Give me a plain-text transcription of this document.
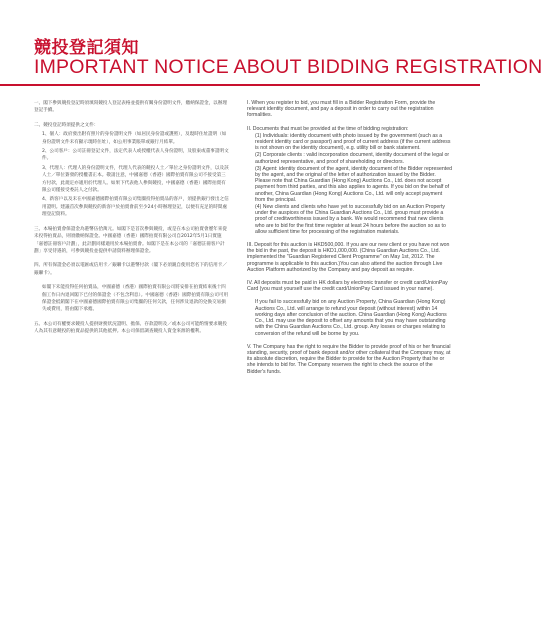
競投登記須知
IMPORTANT NOTICE ABOUT BIDDING REGISTRATION

一、閣下參與競投登記時須填寫競投人登記表格並提供有關身份證明文件，繳納保證金，以辦理登記手續。

二、競投登記時須提供之文件：

1、個人：政府發出附有照片的身份證明文件（如居民身份證或護照），及現時住址證明（如身份證明文件未有顯示現時住址），如公用事業賬單或銀行月結單。

2、公司客戶：公司註冊登記文件，法定代表人或授權代表人身份證明，及股東或董事證明文件。

3、代理人：代理人的身份證明文件，代理人代表的競投人士／單位之身份證明文件，以及該人士／單位簽發的授權書正本。敬請注意，中國嘉德（香港）國際拍賣有限公司不接受第三方付款，此規定亦適用於代理人。如果下代表他人參與競投，中國嘉德（香港）國際拍賣有限公司僅接受委託人之付款。

4、新客戶以及未在中國嘉德國際拍賣有限公司集團投得拍賣品的客戶，須提供銀行發出之信用證明。建議首次參與競投的新客戶於拍賣會前至少24小時辦理登記，以便有充足的時間處理登記資料。

三、本場拍賣會保證金為港幣伍拾萬元。如閣下是首次參與競投，或是在本公司拍賣會歷年來從未投得拍賣品，則須繳納保證金。中國嘉德（香港）國際拍賣有限公司自2012年5月1日實施「嘉德註冊客戶計劃」，此計劃同樣適用於本場拍賣會。如閣下是在本公司的「嘉德註冊客戶計劃」享受待遇的，可參與競投並提供申請資料辦理保證金。

四、所有保證金必須以電匯或信用卡／銀聯卡以港幣付款（閣下必須親自使用您名下的信用卡／銀聯卡）。

如閣下未能投得任何拍賣品，中國嘉德（香港）國際拍賣有限公司將安排在拍賣結束後十四個工作日內退回閣下已付的保證金（不包含利息）。中國嘉德（香港）國際拍賣有限公司可用保證金抵銷閣下在中國嘉德國際拍賣有限公司集團的任何欠款，任何涉及退款的兌換交易損失或費用，將由閣下承擔。

五、本公司有權要求競投人提供財務狀況證明、擔保、存款證明及／或本公司可能酌情要求競投人為其有意競投的拍賣品提供的其他抵押。本公司保留調查競投人資金來源的權利。

I. When you register to bid, you must fill in a Bidder Registration Form, provide the relevant identity document, and pay a deposit in order to carry out the registration formalities.

II. Documents that must be provided at the time of bidding registration:

(1) Individuals: identity document with photo issued by the government (such as a resident identity card or passport) and proof of current address (if the current address is not shown on the identity document), e.g. utility bill or bank statement.

(2) Corporate clients : valid incorporation document, identity document of the legal or authorized representative, and proof of shareholding or directors.

(3) Agent: identity document of the agent, identity document of the Bidder represented by the agent, and the original of the letter of authorization issued by the Bidder. Please note that China Guardian (Hong Kong) Auctions Co., Ltd. does not accept payment from third parties, and this also applies to agents. If you bid on the behalf of another, China Guardian (Hong Kong) Auctions Co., Ltd. will only accept payment from the principal.

(4) New clients and clients who have yet to successfully bid on an Auction Property under the auspices of the China Guardian Auctions Co., Ltd. group must provide a proof of creditworthiness issued by a bank. We would recommend that new clients who are to bid for the first time register at least 24 hours before the auction so as to allow sufficient time for processing of the registration materials.

III. Deposit for this auction is HKD500,000. If you are our new client or you have not won the bid in the past, the deposit is HKD1,000,000. (China Guardian Auctions Co., Ltd. implemented the "Guardian Registered Client Programme" on May 1st, 2012. The programme is applicable to this auction.)You can also attend the auction through Live Auction Platform authorized by the Company and pay deposit as require.

IV. All deposits must be paid in HK dollars by electronic transfer or credit card/UnionPay Card (you must yourself use the credit card/UnionPay Card issued in your name).

If you fail to successfully bid on any Auction Property, China Guardian (Hong Kong) Auctions Co., Ltd. will arrange to refund your deposit (without interest) within 14 working days after conclusion of the auction. China Guardian (Hong Kong) Auctions Co., Ltd. may use the deposit to offset any amounts that you may have outstanding with the China Guardian Auctions Co., Ltd. group. Any losses or charges relating to conversion of the refund will be borne by you.

V. The Company has the right to require the Bidder to provide proof of his or her financial standing, security, proof of bank deposit and/or other collateral that the Company may, at its absolute discretion, require the Bidder to provide for the Auction Property that he or she intends to bid for. The Company reserves the right to check the source of the Bidder's funds.
